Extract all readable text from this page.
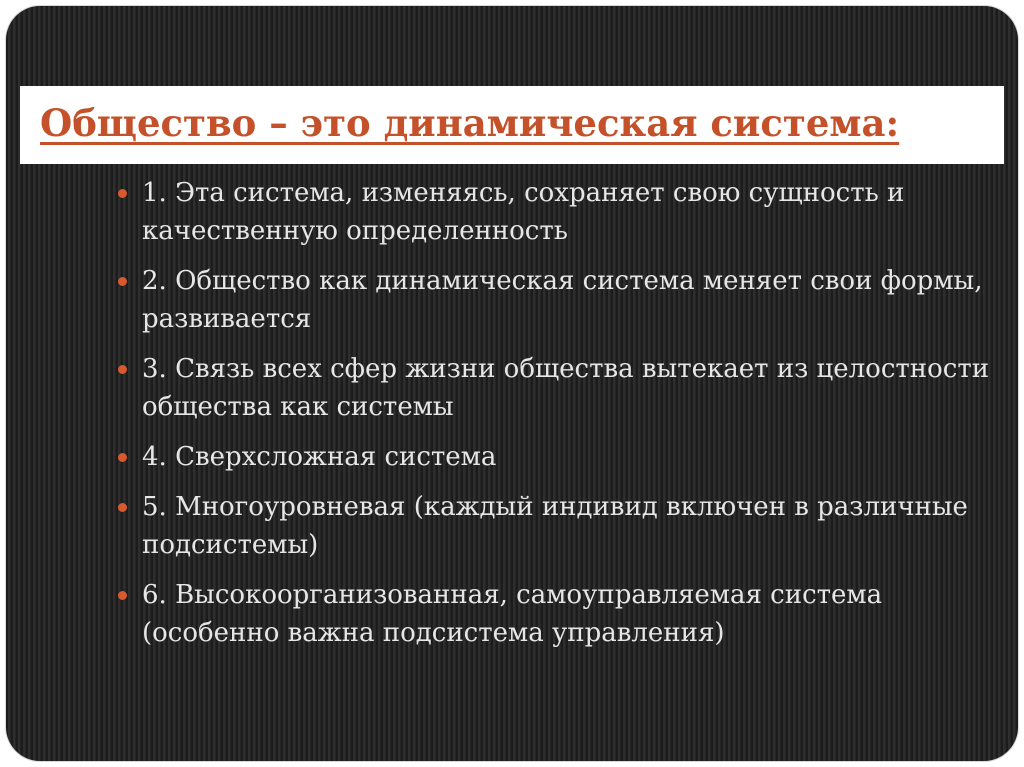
Общество – это динамическая система:
1. Эта система, изменяясь, сохраняет свою сущность и качественную определенность
2. Общество как динамическая система меняет свои формы, развивается
3. Связь всех сфер жизни общества вытекает из целостности общества как системы
4. Сверхсложная система
5. Многоуровневая (каждый индивид включен в различные подсистемы)
6. Высокоорганизованная, самоуправляемая система (особенно важна подсистема управления)
